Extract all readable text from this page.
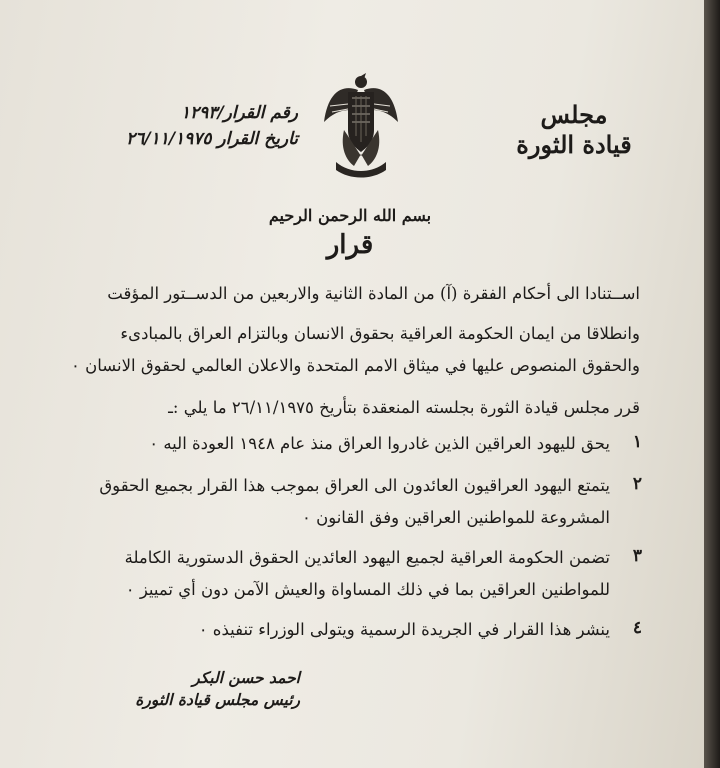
رقم القرار/١٢٩٣
تاريخ القرار ٢٦/١١/١٩٧٥
مجلس
قيادة الثورة
بسم الله الرحمن الرحيم
قرار
اســتنادا الى أحكام الفقرة (آ) من المادة الثانية والاربعين من الدســتور المؤقت
وانطلاقا من ايمان الحكومة العراقية بحقوق الانسان وبالتزام العراق بالمبادىء
والحقوق المنصوص عليها في ميثاق الامم المتحدة والاعلان العالمي لحقوق الانسان ٠
قرر مجلس قيادة الثورة بجلسته المنعقدة بتأريخ ٢٦/١١/١٩٧٥ ما يلي :ـ
١
يحق لليهود العراقين الذين غادروا العراق منذ عام ١٩٤٨ العودة اليه ٠
٢
يتمتع اليهود العراقيون العائدون الى العراق بموجب هذا القرار بجميع الحقوق
المشروعة للمواطنين العراقين وفق القانون ٠
٣
تضمن الحكومة العراقية لجميع اليهود العائدين الحقوق الدستورية الكاملة
للمواطنين العراقين بما في ذلك المساواة والعيش الآمن دون أي تمييز ٠
٤
ينشر هذا القرار في الجريدة الرسمية ويتولى الوزراء تنفيذه ٠
احمد حسن البكر
رئيس مجلس قيادة الثورة
